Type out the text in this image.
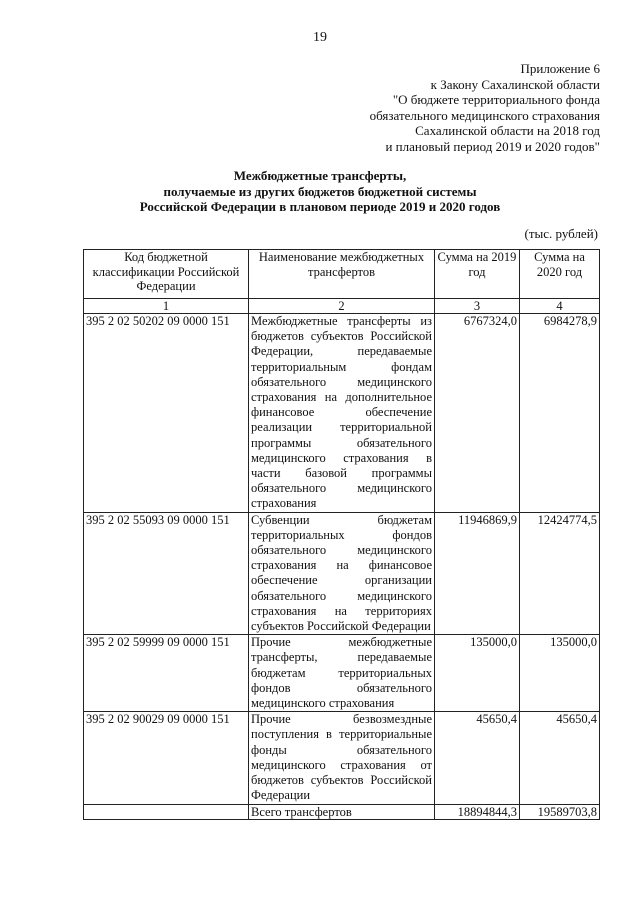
19
Приложение 6
к Закону Сахалинской области
"О бюджете территориального фонда
обязательного медицинского страхования
Сахалинской области на 2018 год
и плановый период 2019 и 2020 годов"
Межбюджетные трансферты,
получаемые из других бюджетов бюджетной системы
Российской Федерации в плановом периоде 2019 и 2020 годов
(тыс. рублей)
Код бюджетной классификации Российской Федерации	Наименование межбюджетных трансфертов	Сумма на 2019 год	Сумма на 2020 год
1	2	3	4
395 2 02 50202 09 0000 151	Межбюджетные трансферты из бюджетов субъектов Российской Федерации, передаваемые территориальным фондам обязательного медицинского страхования на дополнительное финансовое обеспечение реализации территориальной программы обязательного медицинского страхования в части базовой программы обязательного медицинского страхования	6767324,0	6984278,9
395 2 02 55093 09 0000 151	Субвенции бюджетам территориальных фондов обязательного медицинского страхования на финансовое обеспечение организации обязательного медицинского страхования на территориях субъектов Российской Федерации	11946869,9	12424774,5
395 2 02 59999 09 0000 151	Прочие межбюджетные трансферты, передаваемые бюджетам территориальных фондов обязательного медицинского страхования	135000,0	135000,0
395 2 02 90029 09 0000 151	Прочие безвозмездные поступления в территориальные фонды обязательного медицинского страхования от бюджетов субъектов Российской Федерации	45650,4	45650,4
	Всего трансфертов	18894844,3	19589703,8
